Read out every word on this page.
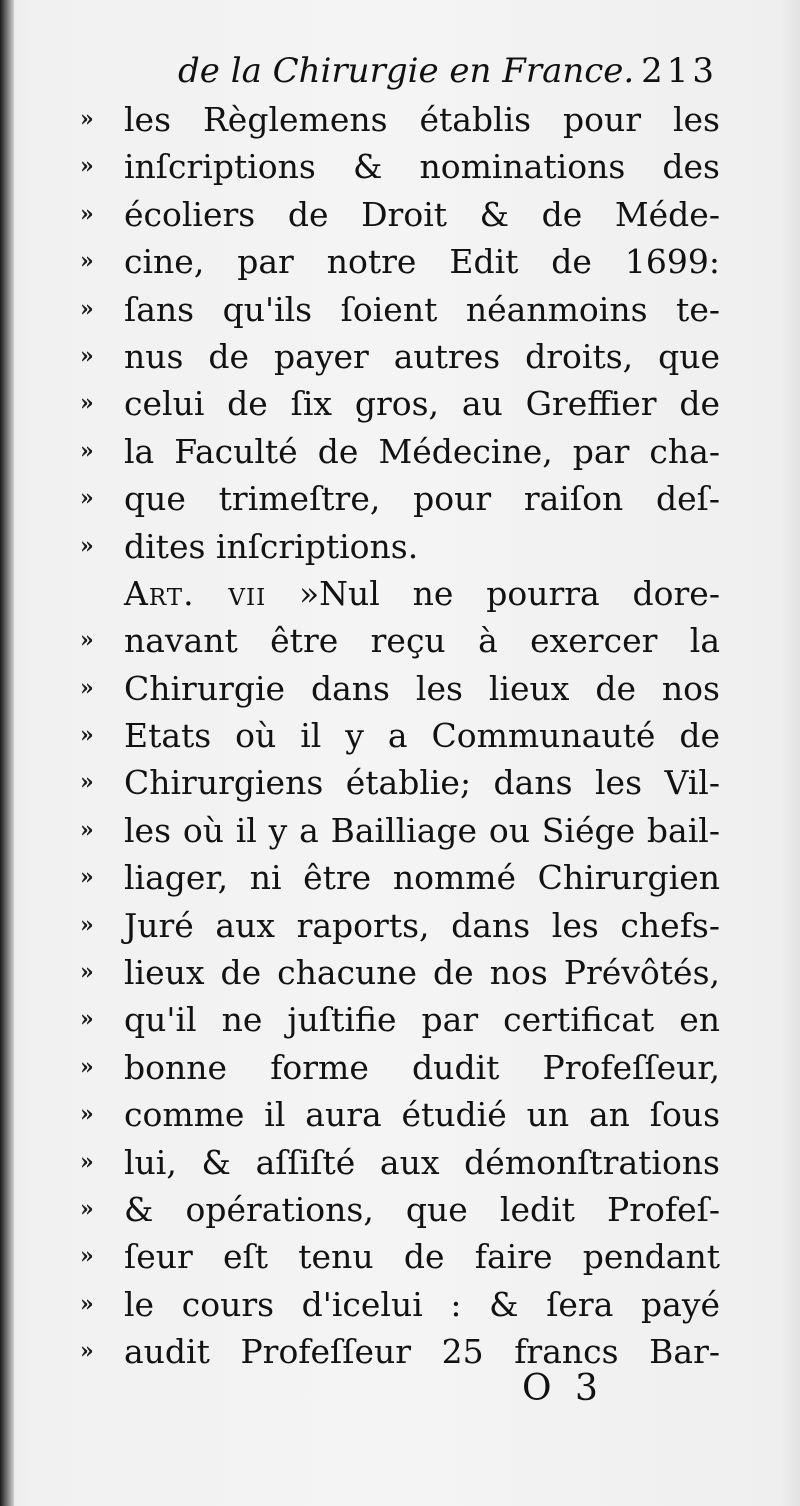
de la Chirurgie en France. 213
» les Règlemens établis pour les
» inſcriptions & nominations des
» écoliers de Droit & de Méde-
» cine, par notre Edit de 1699:
» ſans qu'ils ſoient néanmoins te-
» nus de payer autres droits, que
» celui de ſix gros, au Greffier de
» la Faculté de Médecine, par cha-
» que trimeſtre, pour raiſon deſ-
» dites inſcriptions.
Art. vii »Nul ne pourra dore-
» navant être reçu à exercer la
» Chirurgie dans les lieux de nos
» Etats où il y a Communauté de
» Chirurgiens établie; dans les Vil-
» les où il y a Bailliage ou Siége bail-
» liager, ni être nommé Chirurgien
» Juré aux raports, dans les chefs-
» lieux de chacune de nos Prévôtés,
» qu'il ne juſtifie par certificat en
» bonne forme dudit Profeſſeur,
» comme il aura étudié un an ſous
» lui, & aſſiſté aux démonſtrations
» & opérations, que ledit Profeſ-
» ſeur eſt tenu de faire pendant
» le cours d'icelui : & ſera payé
» audit Profeſſeur 25 francs Bar-
O 3
